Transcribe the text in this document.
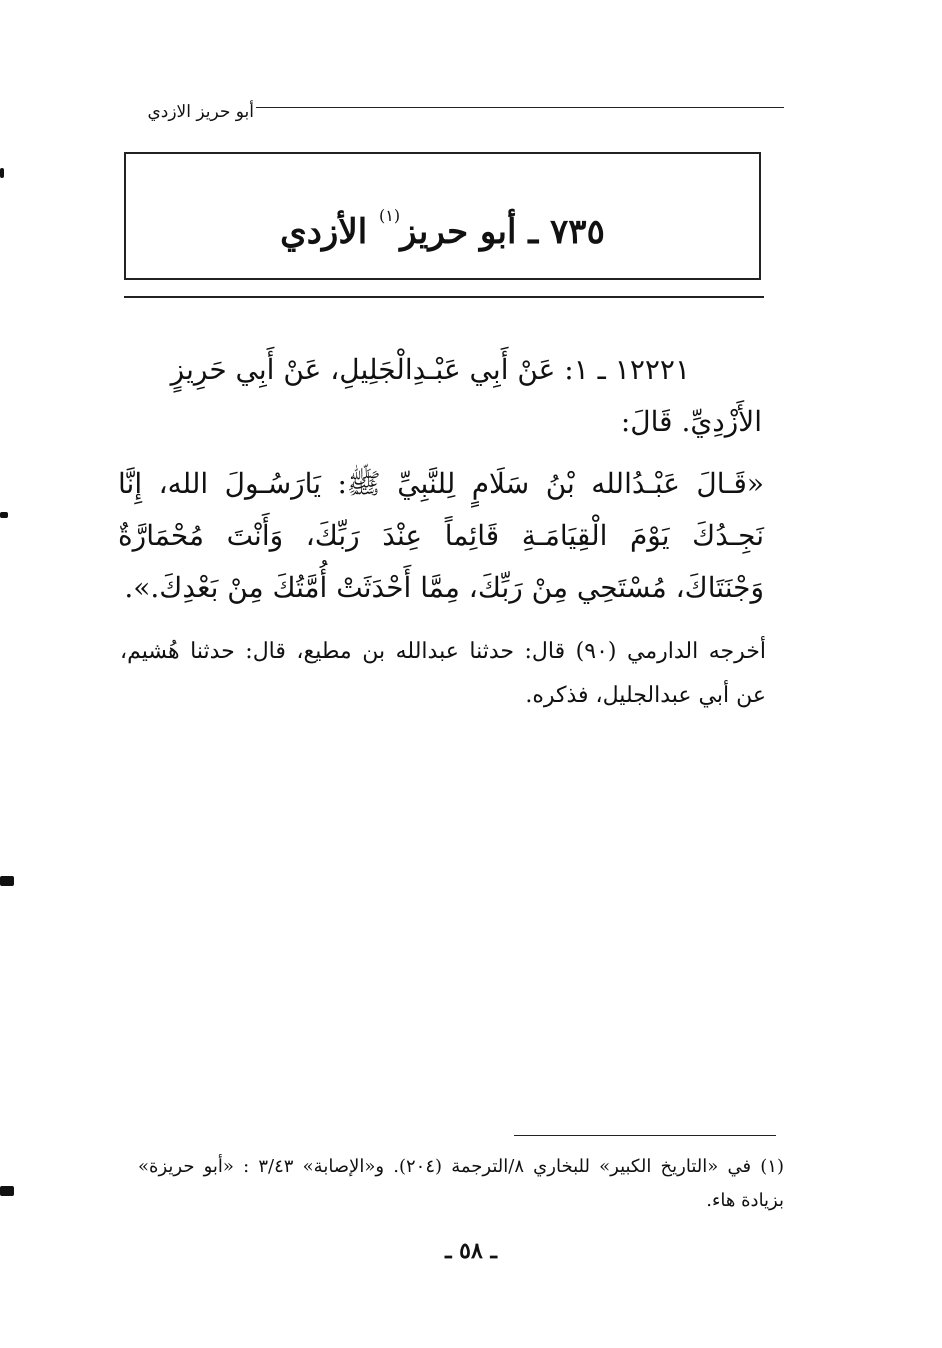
أبو حريز الازدي
٧٣٥ ـ أبو حريز$^{(١)}$ الأزدي
١٢٢٢١ ـ ١: عَنْ أَبِي عَبْـدِالْجَلِيلِ، عَنْ أَبِي حَرِيزٍ
الأَزْدِيِّ. قَالَ:
«قَـالَ عَبْـدُالله بْنُ سَلَامٍ لِلنَّبِيِّ ﷺ: يَارَسُـولَ الله، إِنَّا نَجِـدُكَ يَوْمَ الْقِيَامَـةِ قَائِماً عِنْدَ رَبِّكَ، وَأَنْتَ مُحْمَارَّةٌ وَجْنَتَاكَ، مُسْتَحِي مِنْ رَبِّكَ، مِمَّا أَحْدَثَتْ أُمَّتُكَ مِنْ بَعْدِكَ.».
أخرجه الدارمي (٩٠) قال: حدثنا عبدالله بن مطيع، قال: حدثنا هُشيم، عن أبي عبدالجليل، فذكره.
(١) في «التاريخ الكبير» للبخاري ٨/الترجمة (٢٠٤). و«الإصابة» ٣/٤٣ : «أبو حريزة» بزيادة هاء.
ـ ٥٨ ـ
